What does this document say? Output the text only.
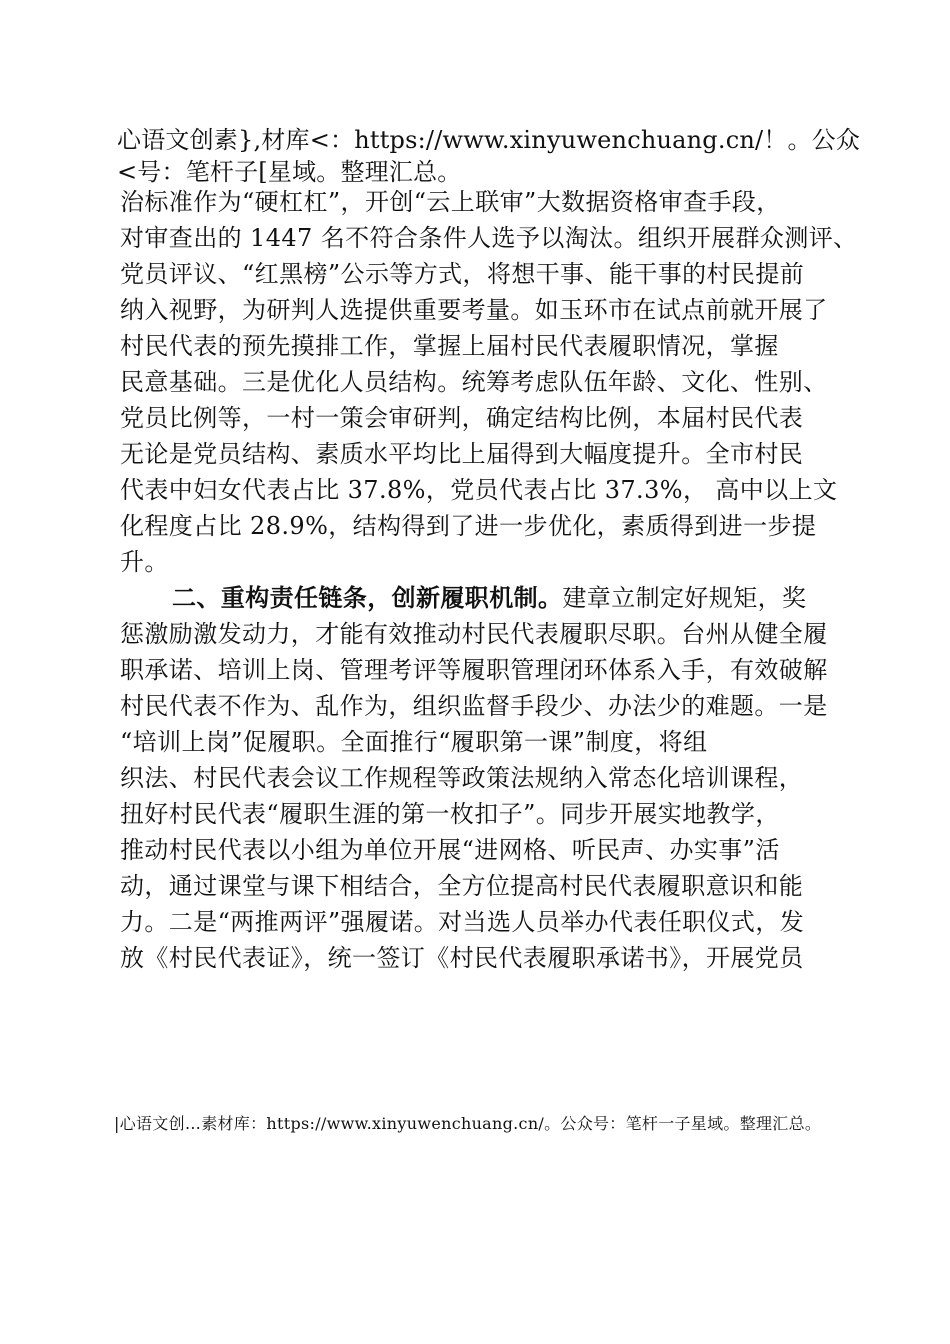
心语文创素},材库<：https://www.xinyuwenchuang.cn/！。公众
<号：笔杆子[星域。整理汇总。
治标准作为“硬杠杠”，开创“云上联审”大数据资格审查手段，
对审查出的 1447 名不符合条件人选予以淘汰。组织开展群众测评、
党员评议、“红黑榜”公示等方式，将想干事、能干事的村民提前
纳入视野，为研判人选提供重要考量。如玉环市在试点前就开展了
村民代表的预先摸排工作，掌握上届村民代表履职情况，掌握
民意基础。三是优化人员结构。统筹考虑队伍年龄、文化、性别、
党员比例等，一村一策会审研判，确定结构比例，本届村民代表
无论是党员结构、素质水平均比上届得到大幅度提升。全市村民
代表中妇女代表占比 37.8%，党员代表占比 37.3%， 高中以上文
化程度占比 28.9%，结构得到了进一步优化，素质得到进一步提
升。
二、重构责任链条，创新履职机制。建章立制定好规矩，奖
惩激励激发动力，才能有效推动村民代表履职尽职。台州从健全履
职承诺、培训上岗、管理考评等履职管理闭环体系入手，有效破解
村民代表不作为、乱作为，组织监督手段少、办法少的难题。一是
“培训上岗”促履职。全面推行“履职第一课”制度，将组
织法、村民代表会议工作规程等政策法规纳入常态化培训课程，
扭好村民代表“履职生涯的第一枚扣子”。同步开展实地教学，
推动村民代表以小组为单位开展“进网格、听民声、办实事”活
动，通过课堂与课下相结合，全方位提高村民代表履职意识和能
力。二是“两推两评”强履诺。对当选人员举办代表任职仪式，发
放《村民代表证》，统一签订《村民代表履职承诺书》，开展党员
|心语文创…素材库：https://www.xinyuwenchuang.cn/。公众号：笔杆一子星域。整理汇总。
